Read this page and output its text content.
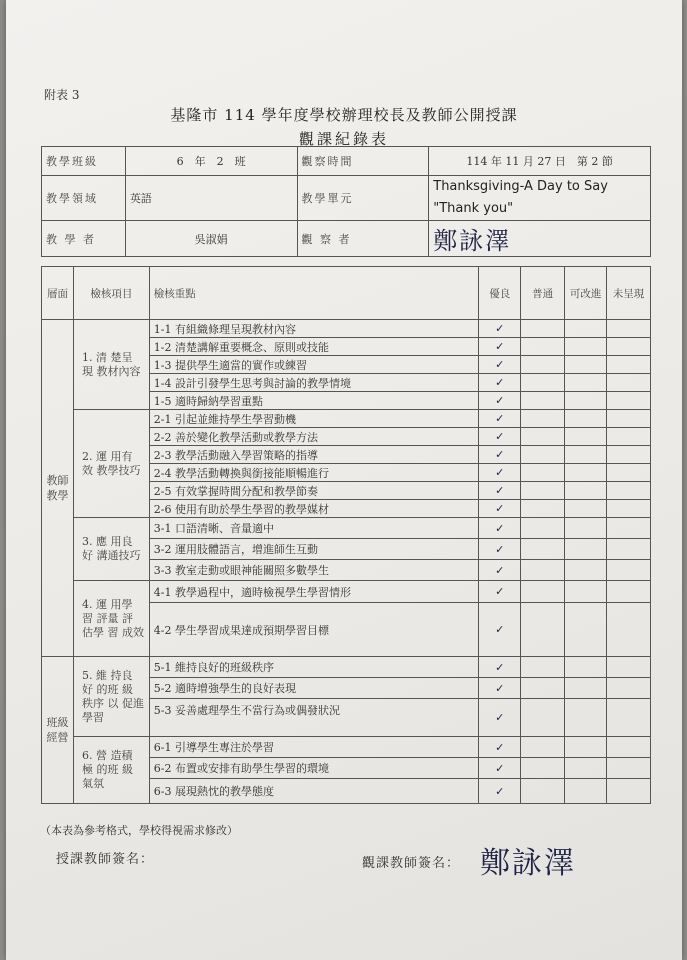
附表 3
基隆市 114 學年度學校辦理校長及教師公開授課
觀課紀錄表
教學班級	6　年　2　班	觀察時間	114 年 11 月 27 日　第 2 節
教學領域	英語	教學單元	Thanksgiving-A Day to Say
"Thank you"

教 學 者	吳淑娟	觀 察 者	鄭詠澤
層面	檢核項目	檢核重點	優良	普通	可改進	未呈現
教師教學	1. 清 楚呈 現 教材內容	1-1 有組織條理呈現教材內容	✓			
		1-2 清楚講解重要概念、原則或技能	✓			
		1-3 提供學生適當的實作或練習	✓			
		1-4 設計引發學生思考與討論的教學情境	✓			
		1-5 適時歸納學習重點	✓			
	2. 運 用有 效 教學技巧	2-1 引起並維持學生學習動機	✓			
		2-2 善於變化教學活動或教學方法	✓			
		2-3 教學活動融入學習策略的指導	✓			
		2-4 教學活動轉換與銜接能順暢進行	✓			
		2-5 有效掌握時間分配和教學節奏	✓			
		2-6 使用有助於學生學習的教學媒材	✓			
	3. 應 用良 好 溝通技巧	3-1 口語清晰、音量適中	✓			
		3-2 運用肢體語言，增進師生互動	✓			
		3-3 教室走動或眼神能關照多數學生	✓			
	4. 運 用學 習 評量 評 估學 習 成效	4-1 教學過程中，適時檢視學生學習情形	✓			
		4-2 學生學習成果達成預期學習目標	✓			
班級經營	5. 維 持良 好 的班 級 秩序 以 促進學習	5-1 維持良好的班級秩序	✓			
		5-2 適時增強學生的良好表現	✓			
		5-3 妥善處理學生不當行為或偶發狀況	✓			
	6. 營 造積 極 的班 級 氣氛	6-1 引導學生專注於學習	✓			
		6-2 布置或安排有助學生學習的環境	✓			
		6-3 展現熱忱的教學態度	✓			
（本表為參考格式，學校得視需求修改）
授課教師簽名：	觀課教師簽名： 鄭詠澤
